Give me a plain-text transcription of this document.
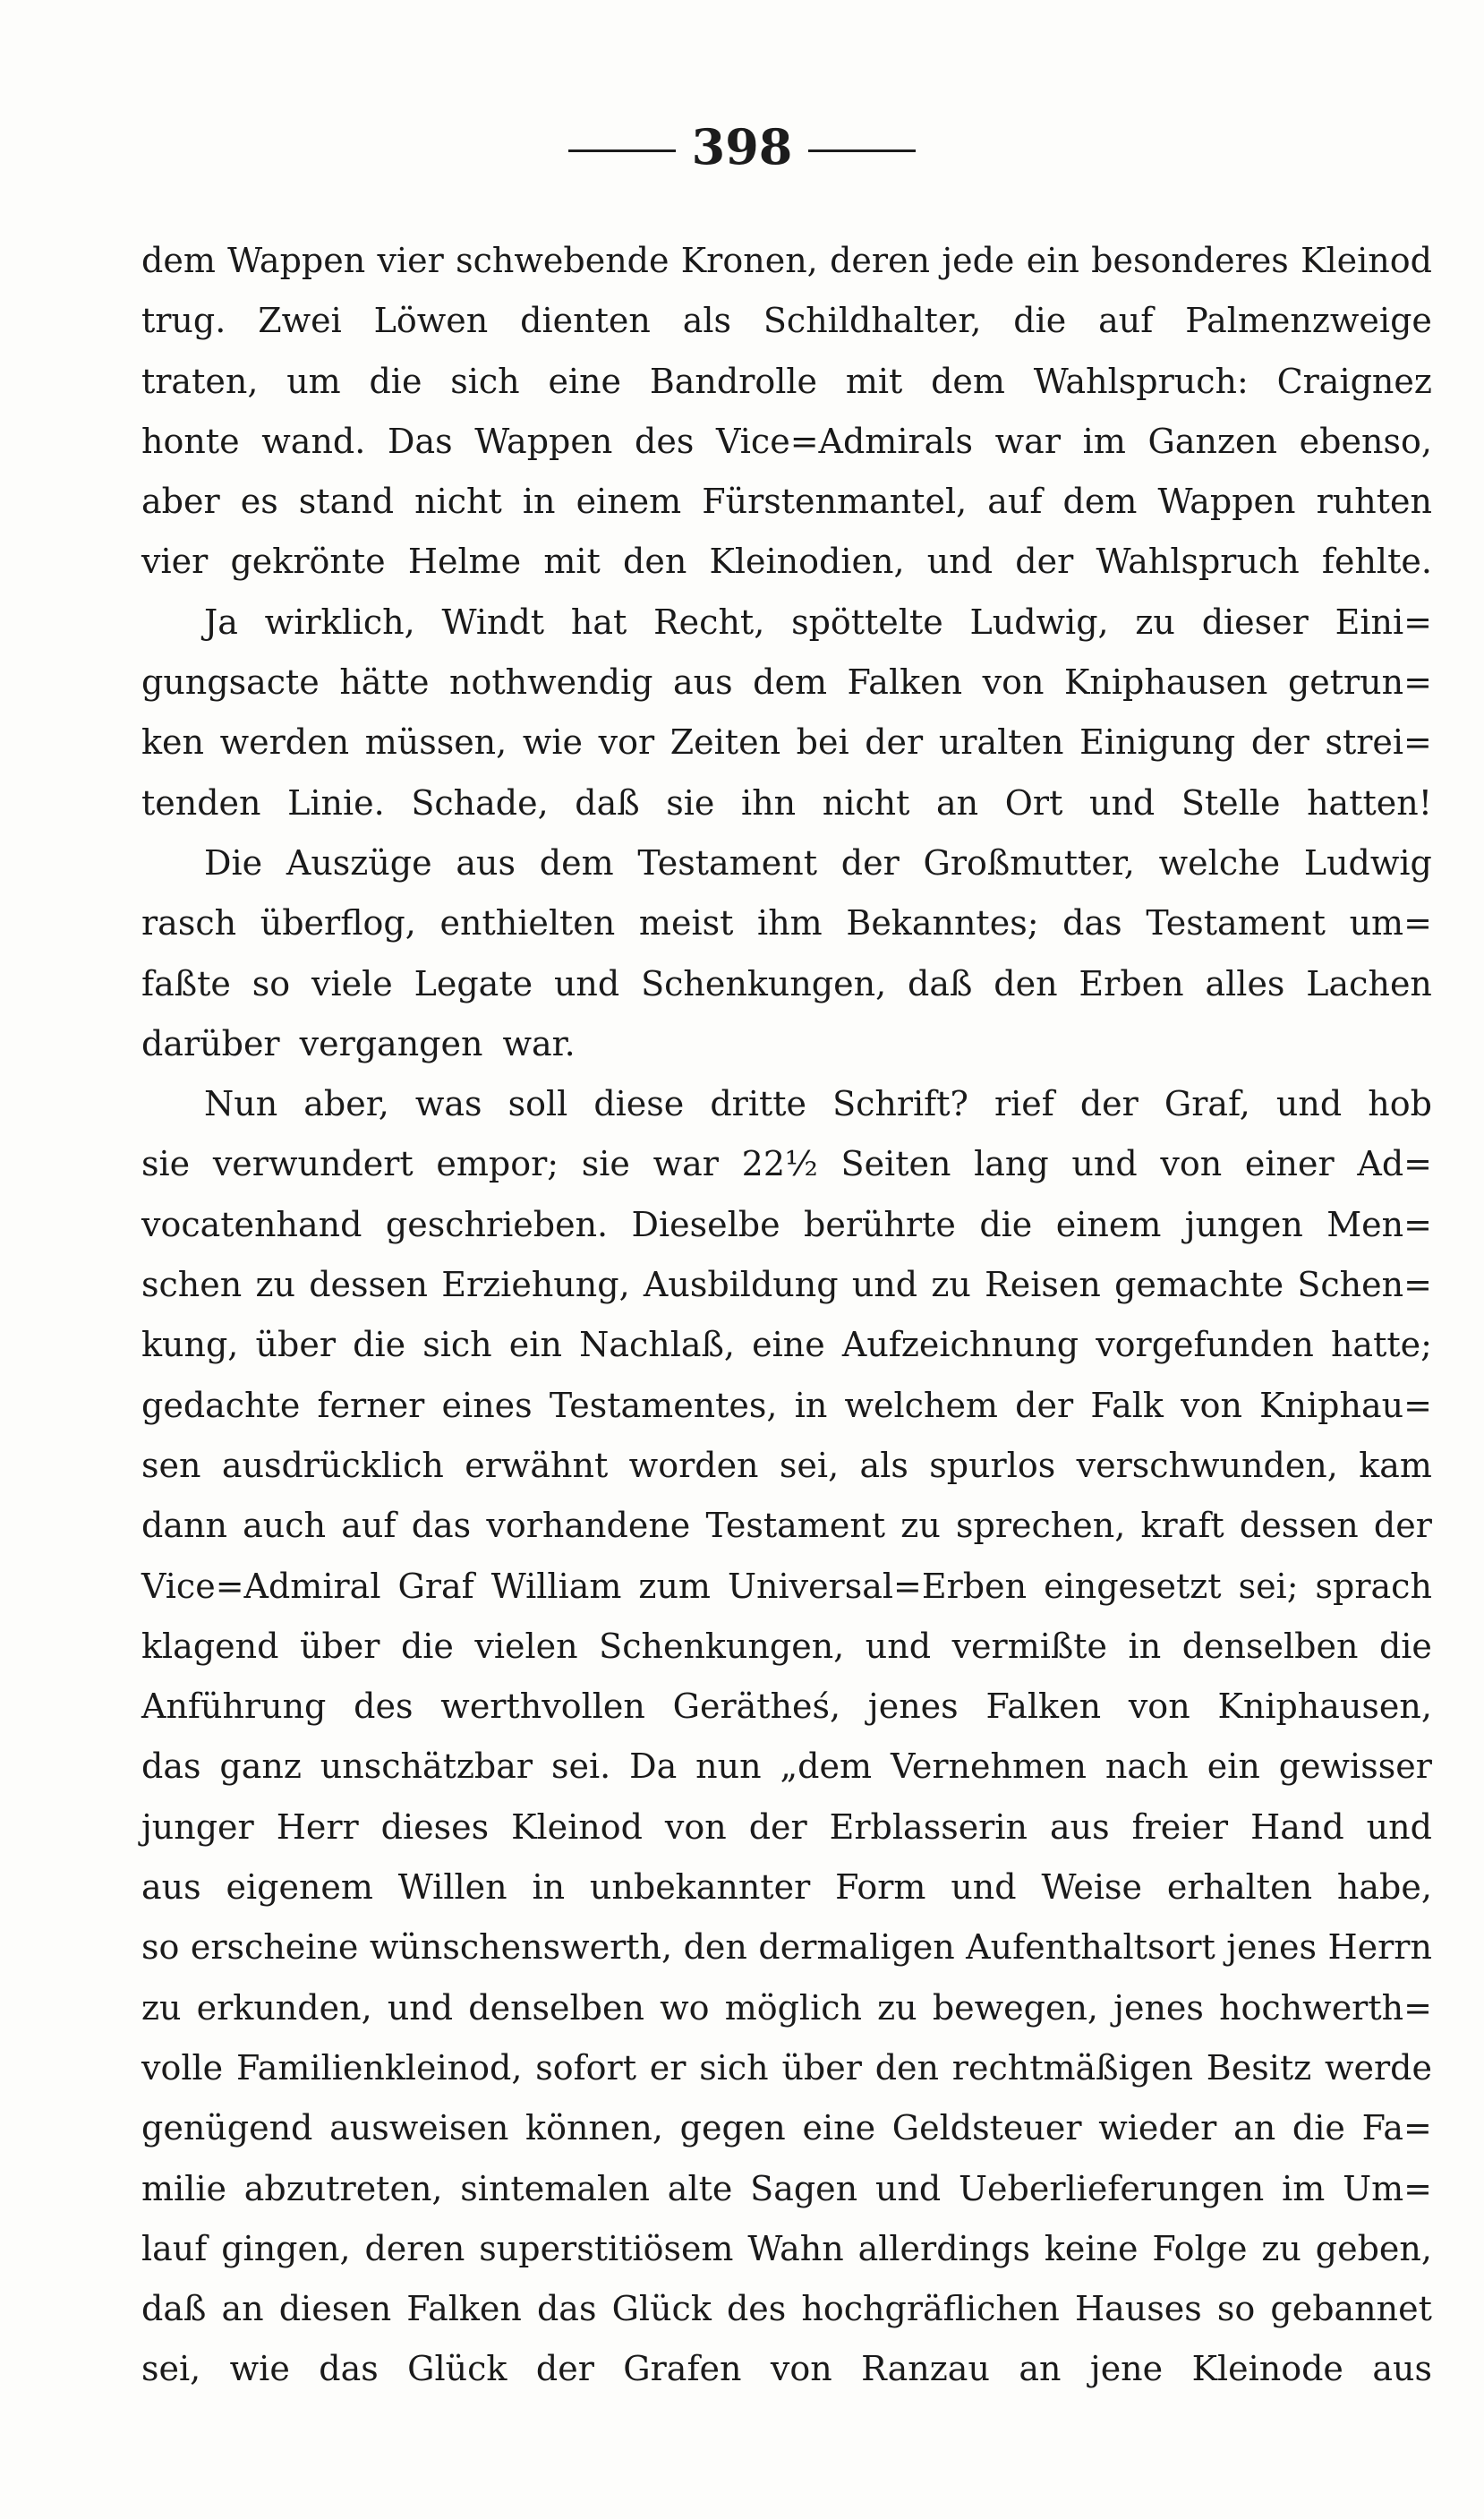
398
dem Wappen vier schwebende Kronen, deren jede ein besonderes Kleinod
trug. Zwei Löwen dienten als Schildhalter, die auf Palmenzweige
traten, um die sich eine Bandrolle mit dem Wahlspruch: Craignez
honte wand. Das Wappen des Vice=Admirals war im Ganzen ebenso,
aber es stand nicht in einem Fürstenmantel, auf dem Wappen ruhten
vier gekrönte Helme mit den Kleinodien, und der Wahlspruch fehlte.
Ja wirklich, Windt hat Recht, spöttelte Ludwig, zu dieser Eini=
gungsacte hätte nothwendig aus dem Falken von Kniphausen getrun=
ken werden müssen, wie vor Zeiten bei der uralten Einigung der strei=
tenden Linie. Schade, daß sie ihn nicht an Ort und Stelle hatten!
Die Auszüge aus dem Testament der Großmutter, welche Ludwig
rasch überflog, enthielten meist ihm Bekanntes; das Testament um=
faßte so viele Legate und Schenkungen, daß den Erben alles Lachen
darüber vergangen war.
Nun aber, was soll diese dritte Schrift? rief der Graf, und hob
sie verwundert empor; sie war 22½ Seiten lang und von einer Ad=
vocatenhand geschrieben. Dieselbe berührte die einem jungen Men=
schen zu dessen Erziehung, Ausbildung und zu Reisen gemachte Schen=
kung, über die sich ein Nachlaß, eine Aufzeichnung vorgefunden hatte;
gedachte ferner eines Testamentes, in welchem der Falk von Kniphau=
sen ausdrücklich erwähnt worden sei, als spurlos verschwunden, kam
dann auch auf das vorhandene Testament zu sprechen, kraft dessen der
Vice=Admiral Graf William zum Universal=Erben eingesetzt sei; sprach
klagend über die vielen Schenkungen, und vermißte in denselben die
Anführung des werthvollen Gerätheś, jenes Falken von Kniphausen,
das ganz unschätzbar sei. Da nun „dem Vernehmen nach ein gewisser
junger Herr dieses Kleinod von der Erblasserin aus freier Hand und
aus eigenem Willen in unbekannter Form und Weise erhalten habe,
so erscheine wünschenswerth, den dermaligen Aufenthaltsort jenes Herrn
zu erkunden, und denselben wo möglich zu bewegen, jenes hochwerth=
volle Familienkleinod, sofort er sich über den rechtmäßigen Besitz werde
genügend ausweisen können, gegen eine Geldsteuer wieder an die Fa=
milie abzutreten, sintemalen alte Sagen und Ueberlieferungen im Um=
lauf gingen, deren superstitiösem Wahn allerdings keine Folge zu geben,
daß an diesen Falken das Glück des hochgräflichen Hauses so gebannet
sei, wie das Glück der Grafen von Ranzau an jene Kleinode aus
